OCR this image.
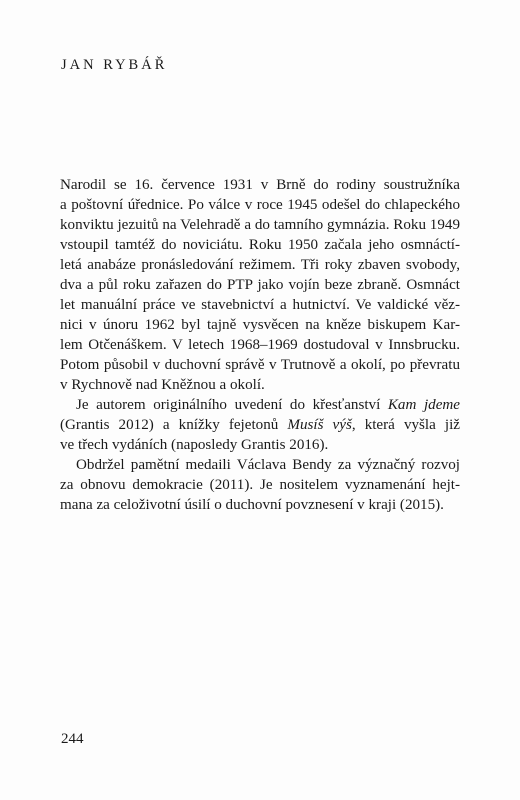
JAN RYBÁŘ
Narodil se 16. července 1931 v Brně do rodiny soustružníka
a poštovní úřednice. Po válce v roce 1945 odešel do chlapeckého
konviktu jezuitů na Velehradě a do tamního gymnázia. Roku 1949
vstoupil tamtéž do noviciátu. Roku 1950 začala jeho osmnáctí-
letá anabáze pronásledování režimem. Tři roky zbaven svobody,
dva a půl roku zařazen do PTP jako vojín beze zbraně. Osmnáct
let manuální práce ve stavebnictví a hutnictví. Ve valdické věz-
nici v únoru 1962 byl tajně vysvěcen na kněze biskupem Kar-
lem Otčenáškem. V letech 1968–1969 dostudoval v Innsbrucku.
Potom působil v duchovní správě v Trutnově a okolí, po převratu
v Rychnově nad Kněžnou a okolí.
Je autorem originálního uvedení do křesťanství Kam jdeme
(Grantis 2012) a knížky fejetonů Musíš výš, která vyšla již
ve třech vydáních (naposledy Grantis 2016).
Obdržel pamětní medaili Václava Bendy za význačný rozvoj
za obnovu demokracie (2011). Je nositelem vyznamenání hejt-
mana za celoživotní úsilí o duchovní povznesení v kraji (2015).
244
